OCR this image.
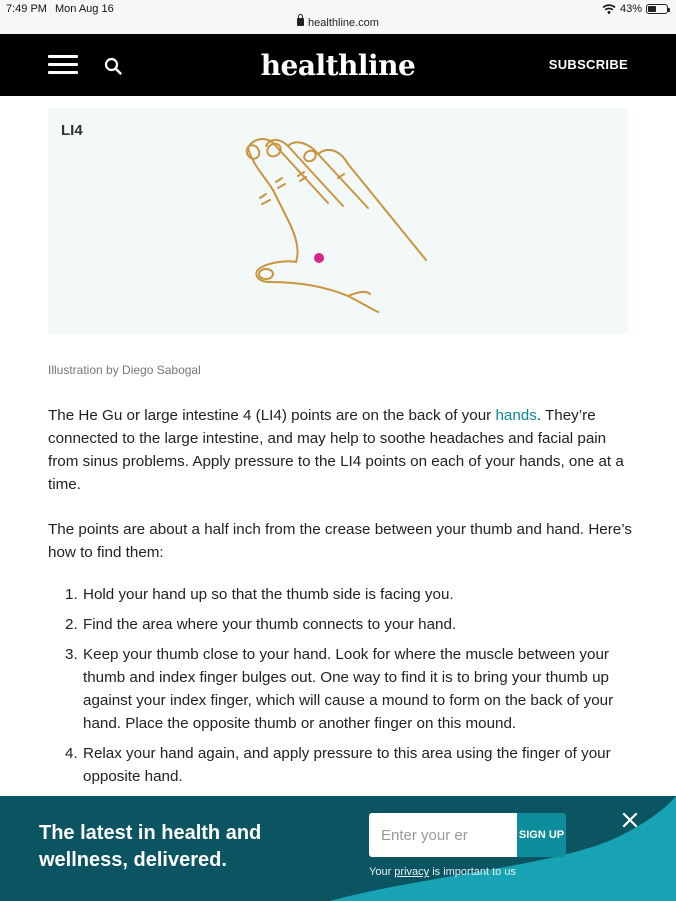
7:49 PM Mon Aug 16
healthline.com
43%
healthline	SUBSCRIBE
LI4
Illustration by Diego Sabogal

The He Gu or large intestine 4 (LI4) points are on the back of your hands. They’re connected to the large intestine, and may help to soothe headaches and facial pain from sinus problems. Apply pressure to the LI4 points on each of your hands, one at a time.

The points are about a half inch from the crease between your thumb and hand. Here’s how to find them:

1. Hold your hand up so that the thumb side is facing you.
2. Find the area where your thumb connects to your hand.
3. Keep your thumb close to your hand. Look for where the muscle between your thumb and index finger bulges out. One way to find it is to bring your thumb up against your index finger, which will cause a mound to form on the back of your hand. Place the opposite thumb or another finger on this mound.
4. Relax your hand again, and apply pressure to this area using the finger of your opposite hand.
The latest in health and wellness, delivered.
Enter your er
SIGN UP
Your privacy is important to us
